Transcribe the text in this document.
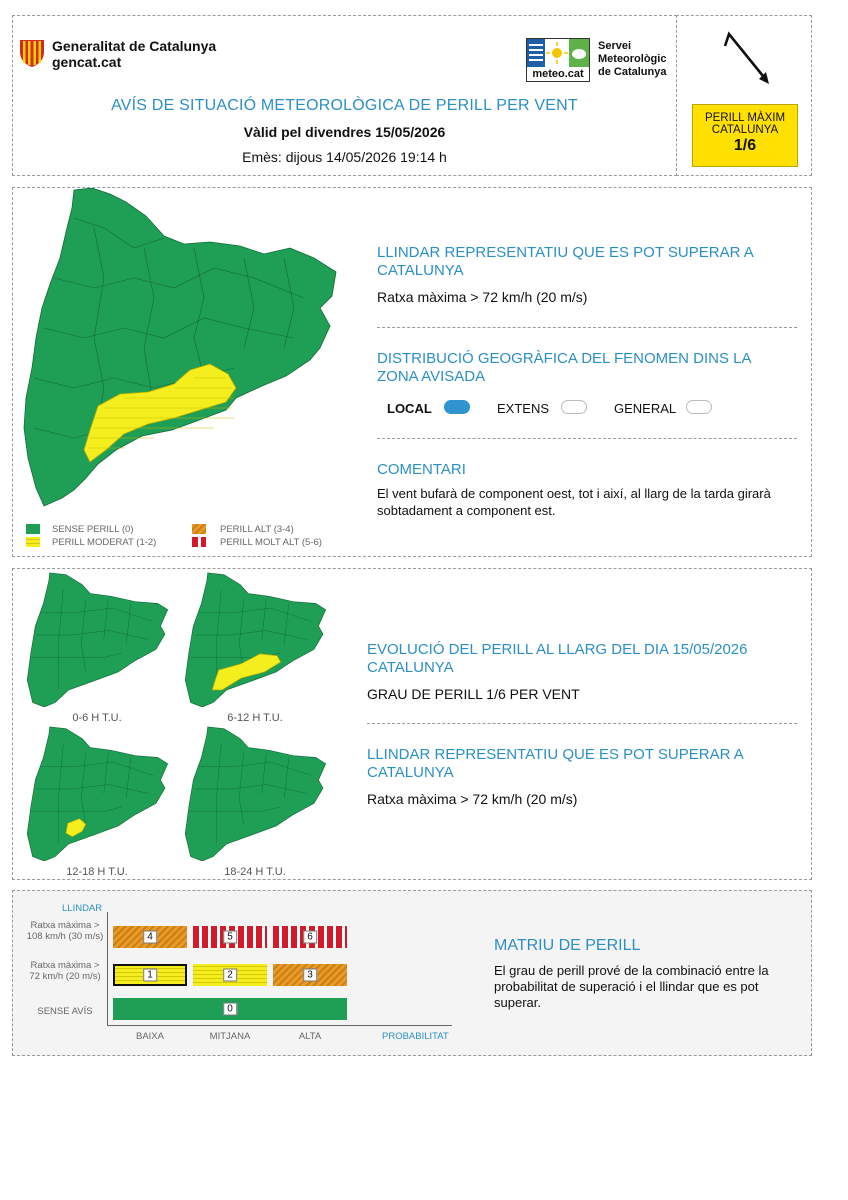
Generalitat de Catalunya
gencat.cat
meteo.cat
Servei
Meteorològic
de Catalunya
AVÍS DE SITUACIÓ METEOROLÒGICA DE PERILL PER VENT
Vàlid pel divendres 15/05/2026
Emès: dijous 14/05/2026 19:14 h
PERILL MÀXIM
CATALUNYA
1/6
SENSE PERILL (0)
PERILL MODERAT (1-2)
PERILL ALT (3-4)
PERILL MOLT ALT (5-6)
LLINDAR REPRESENTATIU QUE ES POT SUPERAR A CATALUNYA
Ratxa màxima > 72 km/h (20 m/s)
DISTRIBUCIÓ GEOGRÀFICA DEL FENOMEN DINS LA ZONA AVISADA
LOCAL	EXTENS	GENERAL
COMENTARI
El vent bufarà de component oest, tot i així, al llarg de la tarda girarà sobtadament a component est.
0-6 H T.U.	6-12 H T.U.
12-18 H T.U.	18-24 H T.U.
EVOLUCIÓ DEL PERILL AL LLARG DEL DIA 15/05/2026 CATALUNYA
GRAU DE PERILL 1/6 PER VENT
LLINDAR REPRESENTATIU QUE ES POT SUPERAR A CATALUNYA
Ratxa màxima > 72 km/h (20 m/s)
LLINDAR
Ratxa màxima > 108 km/h (30 m/s)
Ratxa màxima > 72 km/h (20 m/s)
SENSE AVÍS
4	5	6
1	2	3
0
BAIXA	MITJANA	ALTA	PROBABILITAT
MATRIU DE PERILL
El grau de perill prové de la combinació entre la probabilitat de superació i el llindar que es pot superar.
